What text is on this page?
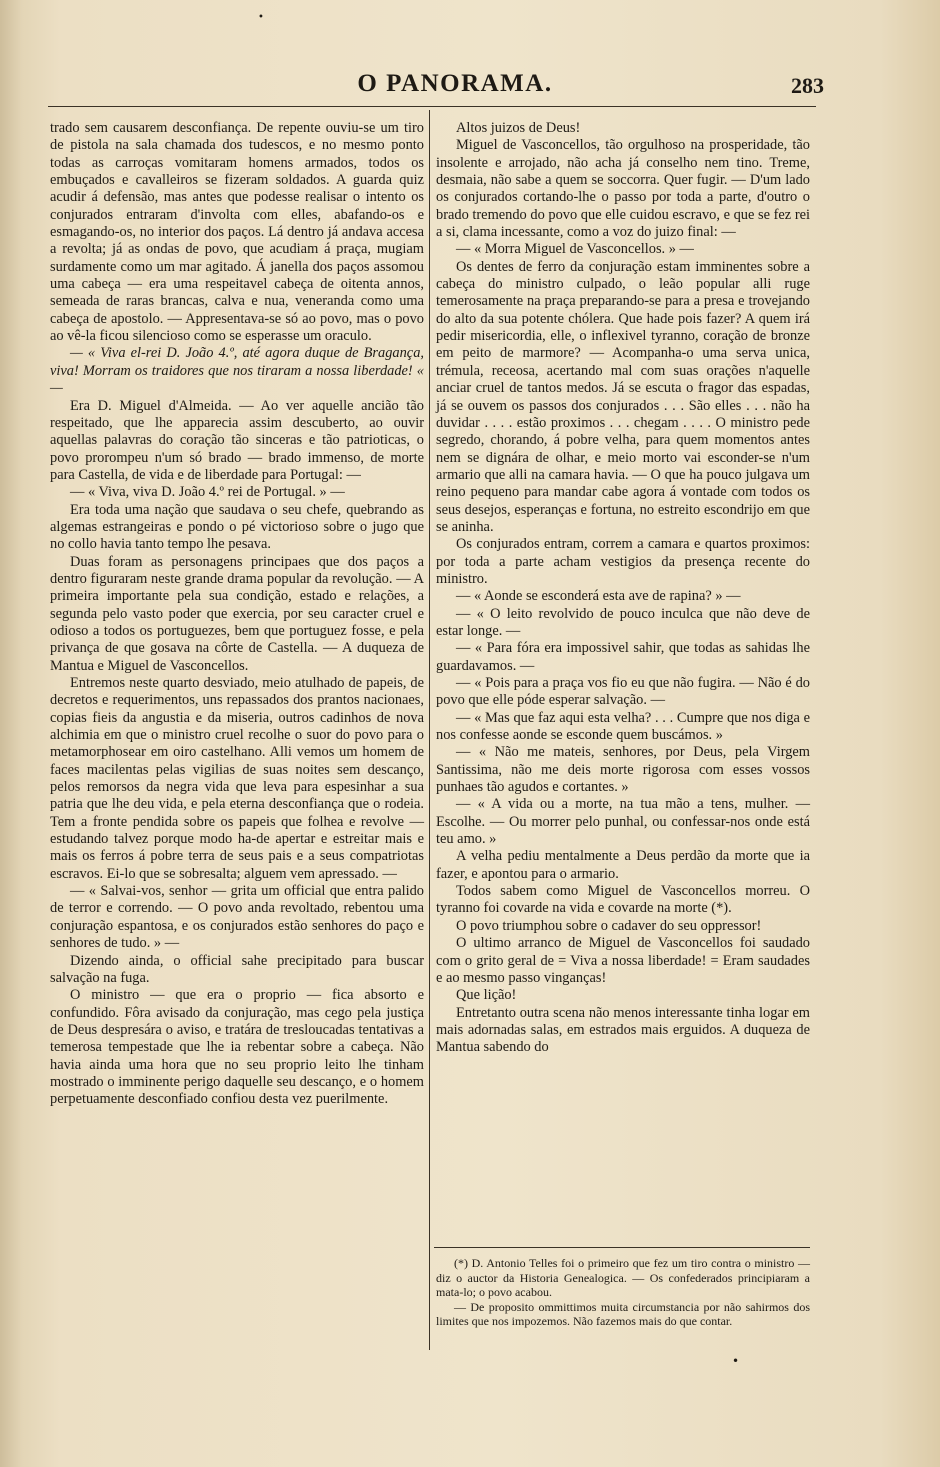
•
O PANORAMA.	283

trado sem causarem desconfiança. De repente ouviu-se um tiro de pistola na sala chamada dos tudescos, e no mesmo ponto todas as carroças vomitaram homens armados, todos os embuçados e cavalleiros se fizeram soldados. A guarda quiz acudir á defensão, mas antes que podesse realisar o intento os conjurados entraram d'involta com elles, abafando-os e esmagando-os, no interior dos paços. Lá dentro já andava accesa a revolta; já as ondas de povo, que acudiam á praça, mugiam surdamente como um mar agitado. Á janella dos paços assomou uma cabeça — era uma respeitavel cabeça de oitenta annos, semeada de raras brancas, calva e nua, veneranda como uma cabeça de apostolo. — Appresentava-se só ao povo, mas o povo ao vê-la ficou silencioso como se esperasse um oraculo.

— « Viva el-rei D. João 4.º, até agora duque de Bragança, viva! Morram os traidores que nos tiraram a nossa liberdade! « —

Era D. Miguel d'Almeida. — Ao ver aquelle ancião tão respeitado, que lhe apparecia assim descuberto, ao ouvir aquellas palavras do coração tão sinceras e tão patrioticas, o povo prorompeu n'um só brado — brado immenso, de morte para Castella, de vida e de liberdade para Portugal: —

— « Viva, viva D. João 4.º rei de Portugal. » —

Era toda uma nação que saudava o seu chefe, quebrando as algemas estrangeiras e pondo o pé victorioso sobre o jugo que no collo havia tanto tempo lhe pesava.

Duas foram as personagens principaes que dos paços a dentro figuraram neste grande drama popular da revolução. — A primeira importante pela sua condição, estado e relações, a segunda pelo vasto poder que exercia, por seu caracter cruel e odioso a todos os portuguezes, bem que portuguez fosse, e pela privança de que gosava na côrte de Castella. — A duqueza de Mantua e Miguel de Vasconcellos.

Entremos neste quarto desviado, meio atulhado de papeis, de decretos e requerimentos, uns repassados dos prantos nacionaes, copias fieis da angustia e da miseria, outros cadinhos de nova alchimia em que o ministro cruel recolhe o suor do povo para o metamorphosear em oiro castelhano. Alli vemos um homem de faces macilentas pelas vigilias de suas noites sem descanço, pelos remorsos da negra vida que leva para espesinhar a sua patria que lhe deu vida, e pela eterna desconfiança que o rodeia. Tem a fronte pendida sobre os papeis que folhea e revolve — estudando talvez porque modo ha-de apertar e estreitar mais e mais os ferros á pobre terra de seus pais e a seus compatriotas escravos. Ei-lo que se sobresalta; alguem vem apressado. —

— « Salvai-vos, senhor — grita um official que entra palido de terror e correndo. — O povo anda revoltado, rebentou uma conjuração espantosa, e os conjurados estão senhores do paço e senhores de tudo. » —

Dizendo ainda, o official sahe precipitado para buscar salvação na fuga.

O ministro — que era o proprio — fica absorto e confundido. Fôra avisado da conjuração, mas cego pela justiça de Deus despresára o aviso, e tratára de tresloucadas tentativas a temerosa tempestade que lhe ia rebentar sobre a cabeça. Não havia ainda uma hora que no seu proprio leito lhe tinham mostrado o imminente perigo daquelle seu descanço, e o homem perpetuamente desconfiado confiou desta vez puerilmente.

Altos juizos de Deus!

Miguel de Vasconcellos, tão orgulhoso na prosperidade, tão insolente e arrojado, não acha já conselho nem tino. Treme, desmaia, não sabe a quem se soccorra. Quer fugir. — D'um lado os conjurados cortando-lhe o passo por toda a parte, d'outro o brado tremendo do povo que elle cuidou escravo, e que se fez rei a si, clama incessante, como a voz do juizo final: —

— « Morra Miguel de Vasconcellos. » —

Os dentes de ferro da conjuração estam imminentes sobre a cabeça do ministro culpado, o leão popular alli ruge temerosamente na praça preparando-se para a presa e trovejando do alto da sua potente chólera. Que hade pois fazer? A quem irá pedir misericordia, elle, o inflexivel tyranno, coração de bronze em peito de marmore? — Acompanha-o uma serva unica, trémula, receosa, acertando mal com suas orações n'aquelle anciar cruel de tantos medos. Já se escuta o fragor das espadas, já se ouvem os passos dos conjurados . . . São elles . . . não ha duvidar . . . . estão proximos . . . chegam . . . . O ministro pede segredo, chorando, á pobre velha, para quem momentos antes nem se dignára de olhar, e meio morto vai esconder-se n'um armario que alli na camara havia. — O que ha pouco julgava um reino pequeno para mandar cabe agora á vontade com todos os seus desejos, esperanças e fortuna, no estreito escondrijo em que se aninha.

Os conjurados entram, correm a camara e quartos proximos: por toda a parte acham vestigios da presença recente do ministro.

— « Aonde se esconderá esta ave de rapina? » —

— « O leito revolvido de pouco inculca que não deve de estar longe. —

— « Para fóra era impossivel sahir, que todas as sahidas lhe guardavamos. —

— « Pois para a praça vos fio eu que não fugira. — Não é do povo que elle póde esperar salvação. —

— « Mas que faz aqui esta velha? . . . Cumpre que nos diga e nos confesse aonde se esconde quem buscámos. »

— « Não me mateis, senhores, por Deus, pela Virgem Santissima, não me deis morte rigorosa com esses vossos punhaes tão agudos e cortantes. »

— « A vida ou a morte, na tua mão a tens, mulher. — Escolhe. — Ou morrer pelo punhal, ou confessar-nos onde está teu amo. »

A velha pediu mentalmente a Deus perdão da morte que ia fazer, e apontou para o armario.

Todos sabem como Miguel de Vasconcellos morreu. O tyranno foi covarde na vida e covarde na morte (*).

O povo triumphou sobre o cadaver do seu oppressor!

O ultimo arranco de Miguel de Vasconcellos foi saudado com o grito geral de = Viva a nossa liberdade! = Eram saudades e ao mesmo passo vinganças!

Que lição!

Entretanto outra scena não menos interessante tinha logar em mais adornadas salas, em estrados mais erguidos. A duqueza de Mantua sabendo do

(*) D. Antonio Telles foi o primeiro que fez um tiro contra o ministro — diz o auctor da Historia Genealogica. — Os confederados principiaram a mata-lo; o povo acabou.

— De proposito ommittimos muita circumstancia por não sahirmos dos limites que nos impozemos. Não fazemos mais do que contar.

•
